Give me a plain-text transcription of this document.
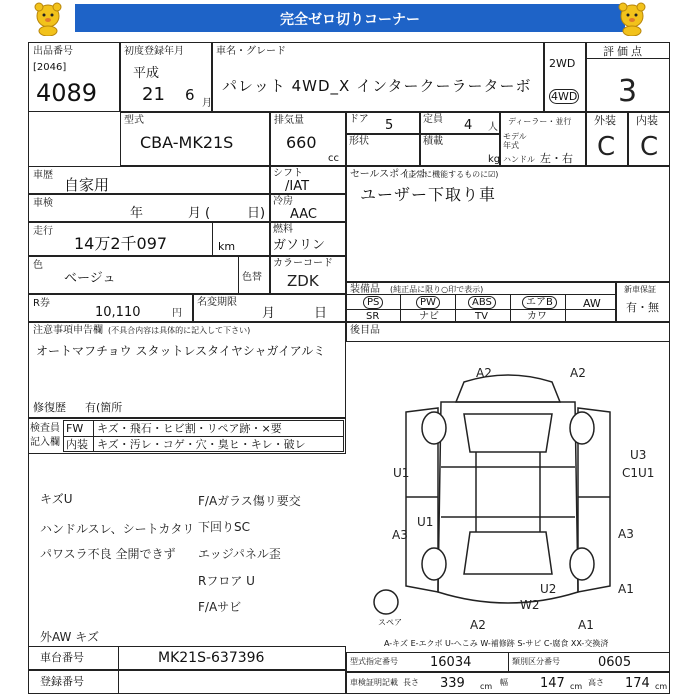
完全ゼロ切りコーナー
出品番号
[2046]
4089
初度登録年月
平成
21 6 月
車名・グレード
パレット 4WD_X インタークーラーターボ
2WD
4WD
評価点
3
型式
CBA-MK21S
排気量
660
cc
ドア 5	定員 4 人
形状	積載
kg
ディーラー・並行
モデル年式
ハンドル 左・右
外装
C
内装
C
車歴
自家用
車検
年	月 (	日)
走行
14万2千097	km
色
ベージュ	色替
R券
10,110	円
名変期限
月	日
シフト
/IAT
冷房
AAC
燃料
ガソリン
カラーコード
ZDK
セールスポイント
(正常に機能するものに☑)
ユーザー下取り車
装備品 (純正品に限り○印で表示)
PS	PW	ABS	エアB	AW
SR	ナビ	TV	カワ
新車保証
有・無
後目品
注意事項申告欄 (不具合内容は具体的に記入して下さい)
オートマフチョウ スタットレスタイヤシャガイアルミ
修復歴 有(箇所
検査員
記入欄
FW キズ・飛石・ヒビ割・リペア跡・×要
内装 キズ・汚レ・コゲ・穴・臭ヒ・キレ・破レ
キズU
ハンドルスレ、シートカタリ
パワスラ不良 全開できず
F/Aガラス傷リ要交
下回りSC
エッジパネル歪
Rフロア U
F/Aサビ
外AW キズ
A2	A2
U1
U3
C1U1
A3
U1
A3
U2
W2
A2	A1
A1
スペア
A-キズ E-エクボ U-へこみ W-補修跡 S-サビ C-腐食 XX-交換済
車台番号	MK21S-637396
登録番号
型式指定番号 16034	類別区分番号	0605
車検証明記載 長さ 339 cm 幅 147 cm 高さ 174 cm
